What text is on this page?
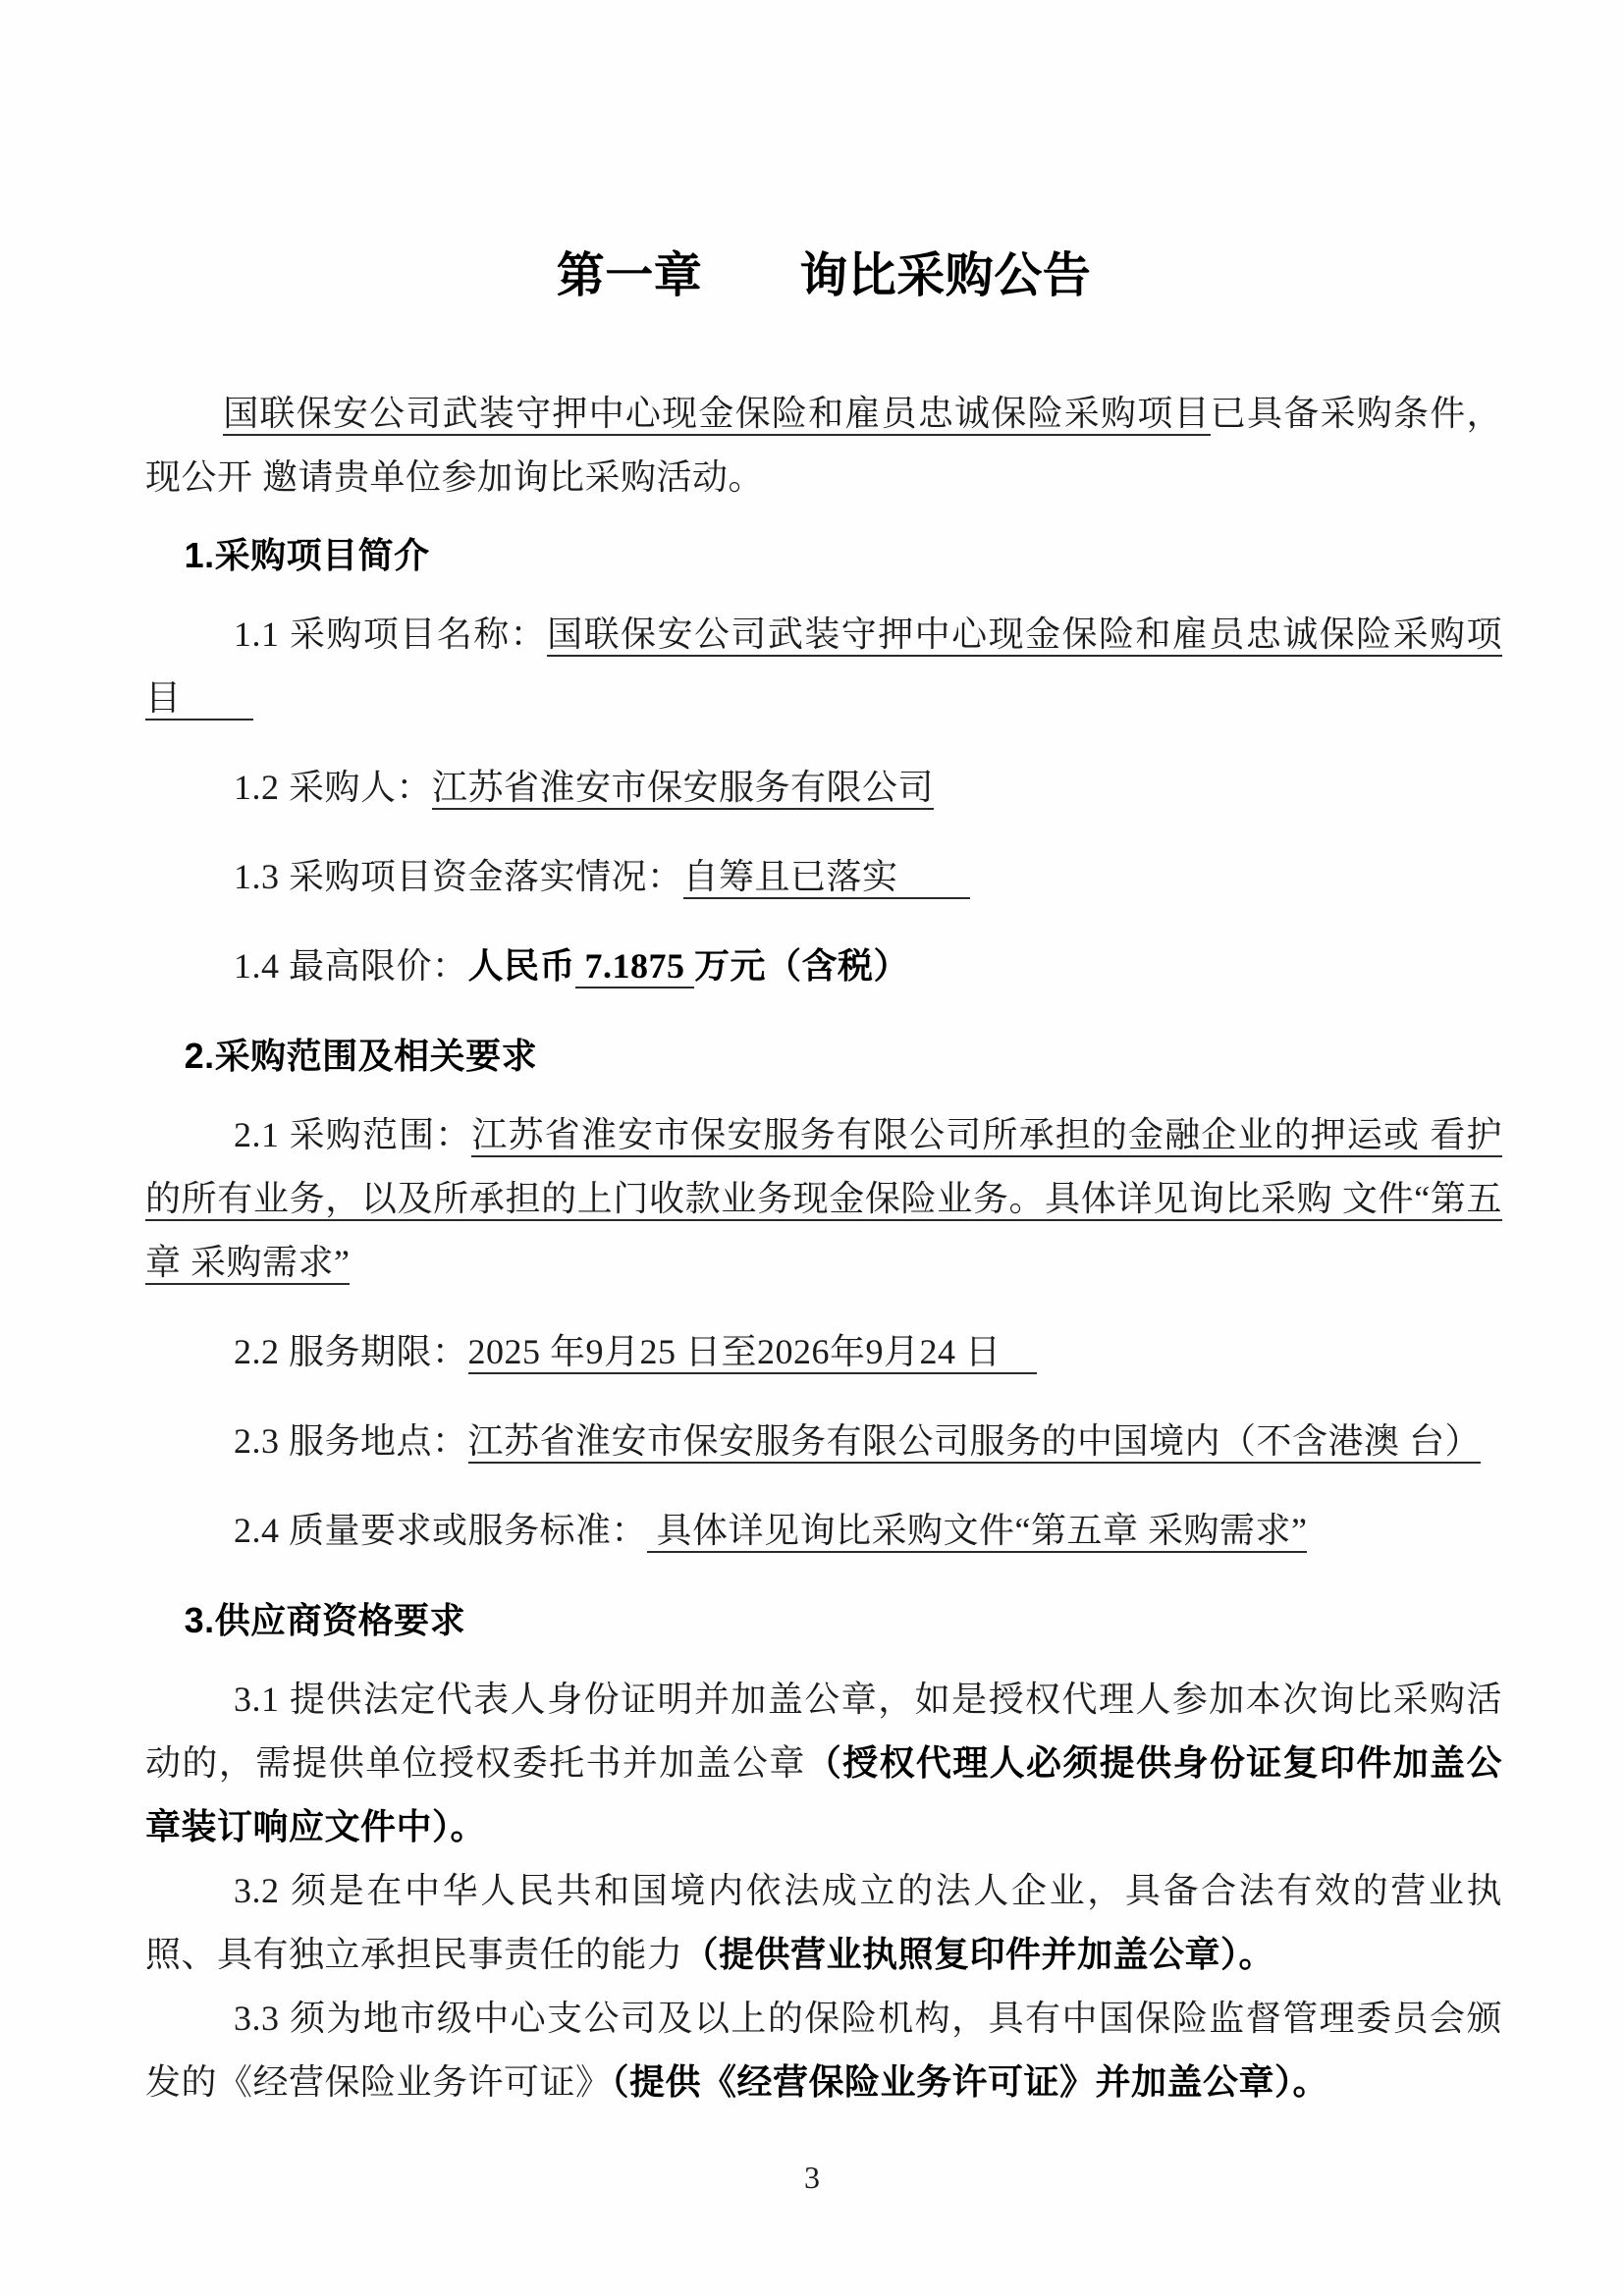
第一章　　询比采购公告

国联保安公司武装守押中心现金保险和雇员忠诚保险采购项目已具备采购条件，现公开 邀请贵单位参加询比采购活动。

1.采购项目简介

1.1 采购项目名称：国联保安公司武装守押中心现金保险和雇员忠诚保险采购项目　　

1.2 采购人：江苏省淮安市保安服务有限公司

1.3 采购项目资金落实情况：自筹且已落实　　

1.4 最高限价：人民币 7.1875 万元（含税）

2.采购范围及相关要求

2.1 采购范围：江苏省淮安市保安服务有限公司所承担的金融企业的押运或 看护的所有业务，以及所承担的上门收款业务现金保险业务。具体详见询比采购 文件“第五章 采购需求”

2.2 服务期限：2025 年9月25 日至2026年9月24 日　

2.3 服务地点：江苏省淮安市保安服务有限公司服务的中国境内（不含港澳 台）

2.4 质量要求或服务标准： 具体详见询比采购文件“第五章 采购需求”

3.供应商资格要求

3.1 提供法定代表人身份证明并加盖公章，如是授权代理人参加本次询比采购活动的，需提供单位授权委托书并加盖公章（授权代理人必须提供身份证复印件加盖公章装订响应文件中）。

3.2 须是在中华人民共和国境内依法成立的法人企业，具备合法有效的营业执照、具有独立承担民事责任的能力（提供营业执照复印件并加盖公章）。

3.3 须为地市级中心支公司及以上的保险机构，具有中国保险监督管理委员会颁发的《经营保险业务许可证》（提供《经营保险业务许可证》并加盖公章）。

3
